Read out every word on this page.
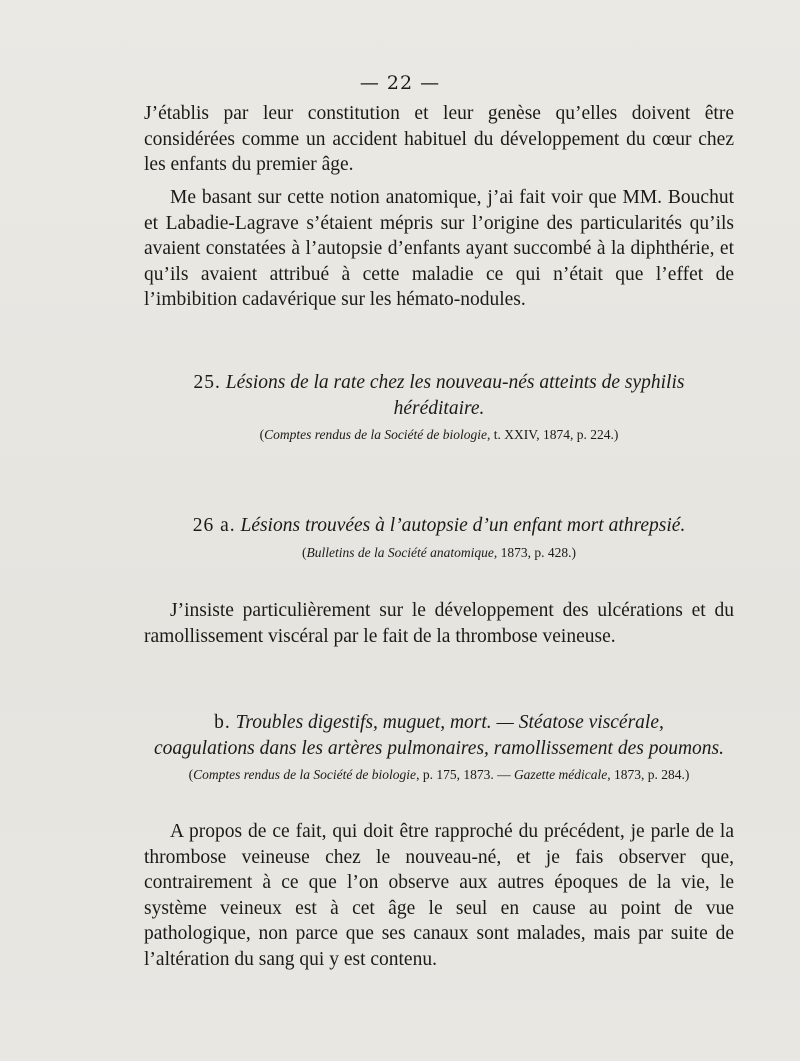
— 22 —

J’établis par leur constitution et leur genèse qu’elles doivent être considérées comme un accident habituel du développement du cœur chez les enfants du premier âge.

Me basant sur cette notion anatomique, j’ai fait voir que MM. Bouchut et Labadie-Lagrave s’étaient mépris sur l’origine des particularités qu’ils avaient constatées à l’autopsie d’enfants ayant succombé à la diphthérie, et qu’ils avaient attribué à cette maladie ce qui n’était que l’effet de l’imbibition cadavérique sur les hémato-nodules.

25. Lésions de la rate chez les nouveau-nés atteints de syphilis
héréditaire.
(Comptes rendus de la Société de biologie, t. XXIV, 1874, p. 224.)
26 a. Lésions trouvées à l’autopsie d’un enfant mort athrepsié.
(Bulletins de la Société anatomique, 1873, p. 428.)

J’insiste particulièrement sur le développement des ulcérations et du ramollissement viscéral par le fait de la thrombose veineuse.

b. Troubles digestifs, muguet, mort. — Stéatose viscérale,
coagulations dans les artères pulmonaires, ramollissement des poumons.
(Comptes rendus de la Société de biologie, p. 175, 1873. — Gazette médicale, 1873, p. 284.)

A propos de ce fait, qui doit être rapproché du précédent, je parle de la thrombose veineuse chez le nouveau-né, et je fais observer que, contrairement à ce que l’on observe aux autres époques de la vie, le système veineux est à cet âge le seul en cause au point de vue pathologique, non parce que ses canaux sont malades, mais par suite de l’altération du sang qui y est contenu.
